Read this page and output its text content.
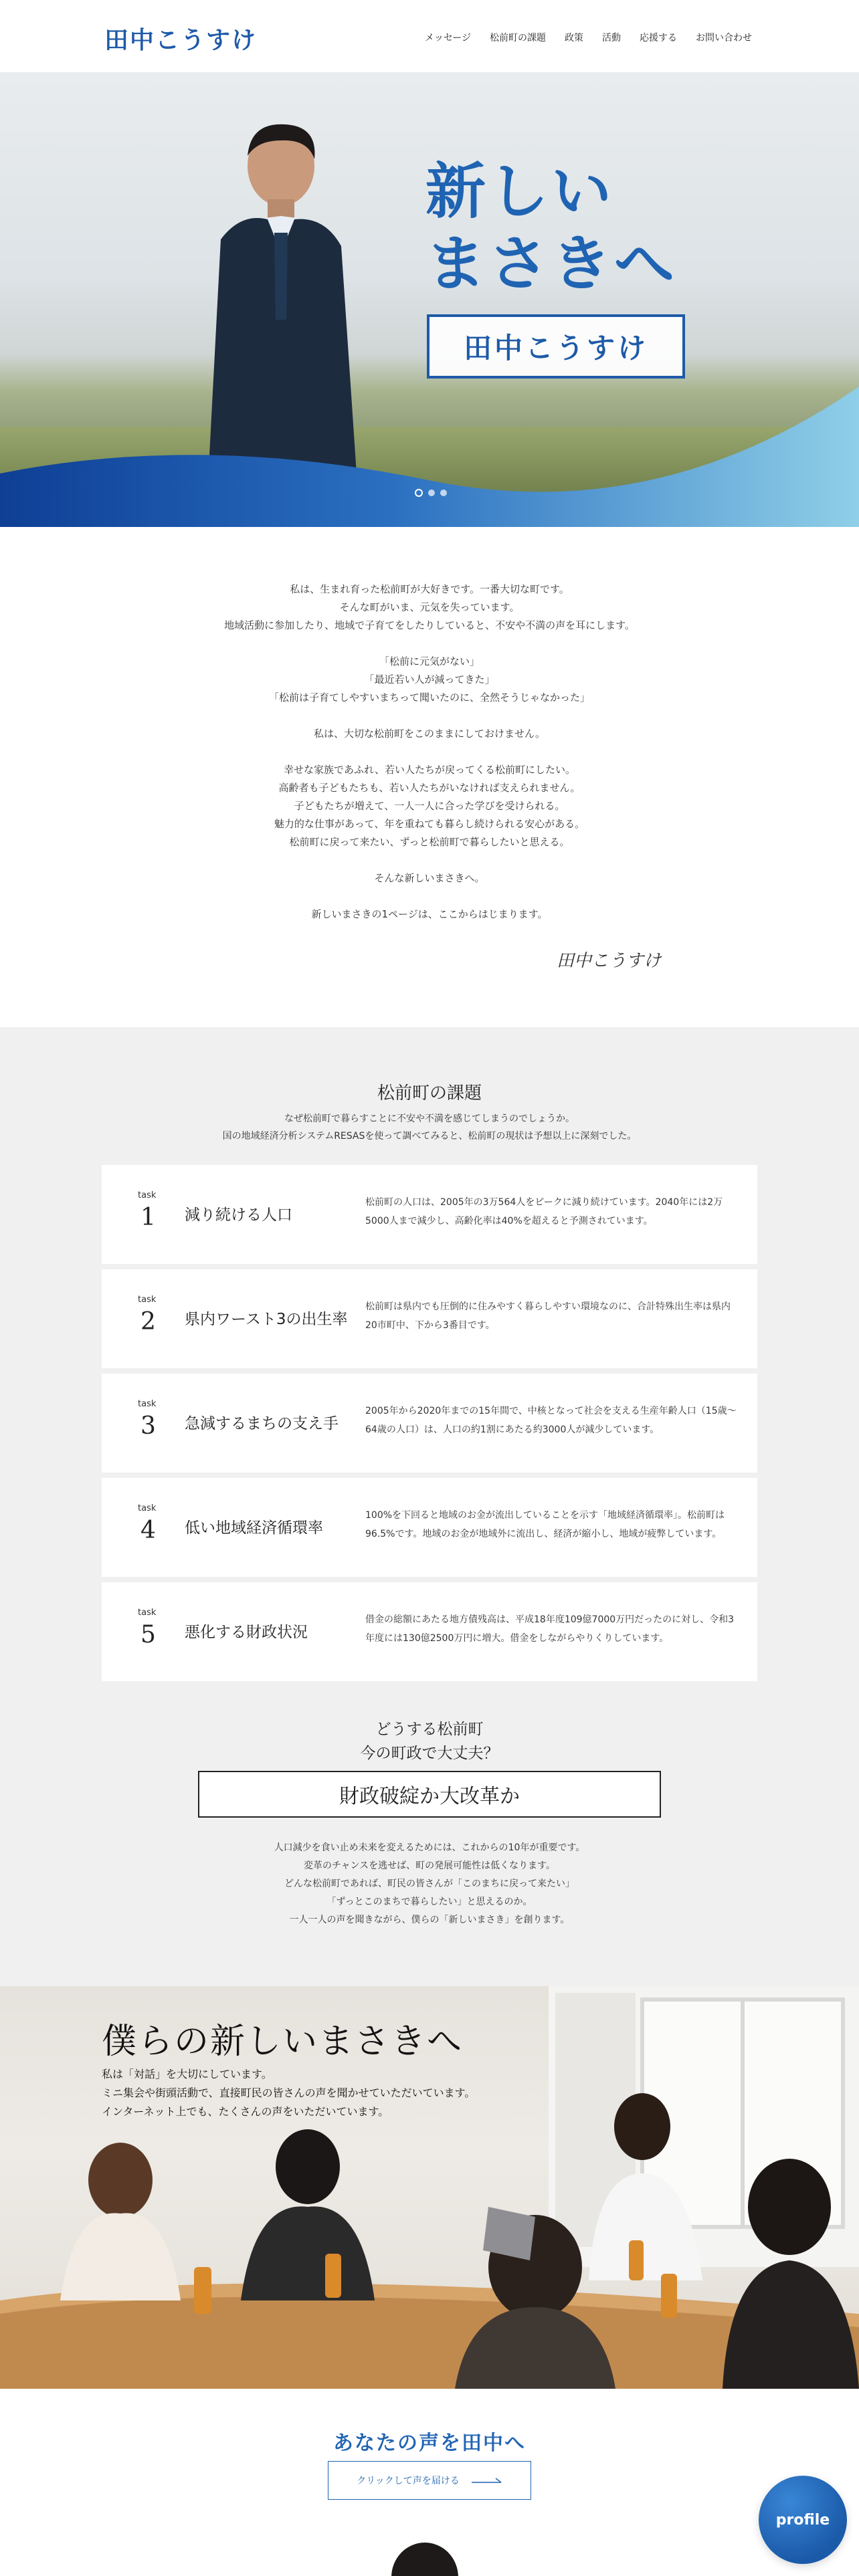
田中こうすけ	メッセージ 松前町の課題 政策 活動 応援する お問い合わせ
新しい
まさきへ
田中こうすけ

私は、生まれ育った松前町が大好きです。一番大切な町です。

そんな町がいま、元気を失っています。

地域活動に参加したり、地域で子育てをしたりしていると、不安や不満の声を耳にします。

「松前に元気がない」

「最近若い人が減ってきた」

「松前は子育てしやすいまちって聞いたのに、全然そうじゃなかった」

私は、大切な松前町をこのままにしておけません。

幸せな家族であふれ、若い人たちが戻ってくる松前町にしたい。

高齢者も子どもたちも、若い人たちがいなければ支えられません。

子どもたちが増えて、一人一人に合った学びを受けられる。

魅力的な仕事があって、年を重ねても暮らし続けられる安心がある。

松前町に戻って来たい、ずっと松前町で暮らしたいと思える。

そんな新しいまさきへ。

新しいまさきの1ページは、ここからはじまります。

田中こうすけ
松前町の課題
なぜ松前町で暮らすことに不安や不満を感じてしまうのでしょうか。
国の地域経済分析システムRESASを使って調べてみると、松前町の現状は予想以上に深刻でした。
task
1 減り続ける人口
松前町の人口は、2005年の3万564人をピークに減り続けています。2040年には2万5000人まで減少し、高齢化率は40%を超えると予測されています。
task
2 県内ワースト3の出生率
松前町は県内でも圧倒的に住みやすく暮らしやすい環境なのに、合計特殊出生率は県内20市町中、下から3番目です。
task
3 急減するまちの支え手
2005年から2020年までの15年間で、中核となって社会を支える生産年齢人口（15歳〜64歳の人口）は、人口の約1割にあたる約3000人が減少しています。
task
4 低い地域経済循環率
100%を下回ると地域のお金が流出していることを示す「地域経済循環率」。松前町は96.5%です。地域のお金が地域外に流出し、経済が縮小し、地域が疲弊しています。
task
5 悪化する財政状況
借金の総額にあたる地方債残高は、平成18年度109億7000万円だったのに対し、令和3年度には130億2500万円に増大。借金をしながらやりくりしています。
どうする松前町
今の町政で大丈夫？
財政破綻か大改革か

人口減少を食い止め未来を変えるためには、これからの10年が重要です。

変革のチャンスを逃せば、町の発展可能性は低くなります。

どんな松前町であれば、町民の皆さんが「このまちに戻って来たい」

「ずっとこのまちで暮らしたい」と思えるのか。

一人一人の声を聞きながら、僕らの「新しいまさき」を創ります。

僕らの新しいまさきへ
私は「対話」を大切にしています。
ミニ集会や街頭活動で、直接町民の皆さんの声を聞かせていただいています。
インターネット上でも、たくさんの声をいただいています。
あなたの声を田中へ
クリックして声を届ける
profile
